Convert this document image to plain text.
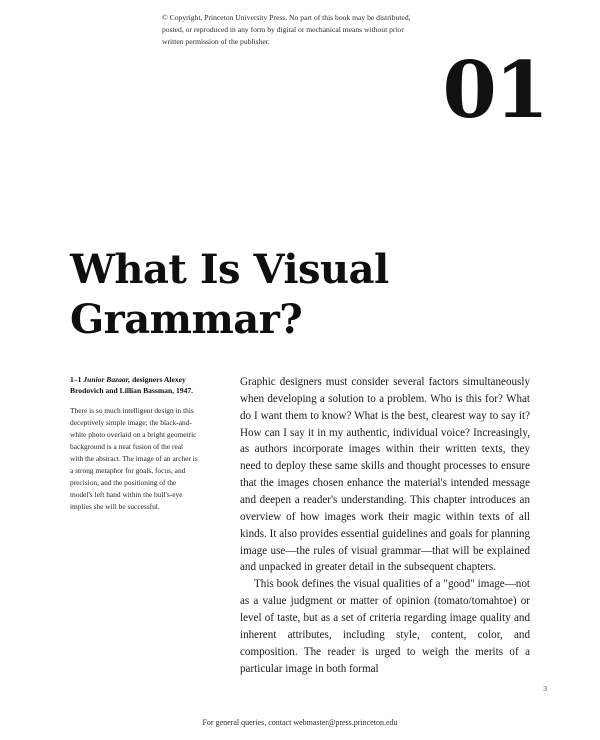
© Copyright, Princeton University Press. No part of this book may be distributed, posted, or reproduced in any form by digital or mechanical means without prior written permission of the publisher.
01
What Is Visual
Grammar?
1–1 Junior Bazaar, designers Alexey Brodovich and Lillian Bassman, 1947.
There is so much intelligent design in this deceptively simple image; the black-and-white photo overlaid on a bright geometric background is a neat fusion of the real with the abstract. The image of an archer is a strong metaphor for goals, focus, and precision, and the positioning of the model's left hand within the bull's-eye implies she will be successful.

Graphic designers must consider several factors simultaneously when developing a solution to a problem. Who is this for? What do I want them to know? What is the best, clearest way to say it? How can I say it in my authentic, individual voice? Increasingly, as authors incorporate images within their written texts, they need to deploy these same skills and thought processes to ensure that the images chosen enhance the material's intended message and deepen a reader's understanding. This chapter introduces an overview of how images work their magic within texts of all kinds. It also provides essential guidelines and goals for planning image use—the rules of visual grammar—that will be explained and unpacked in greater detail in the subsequent chapters.

This book defines the visual qualities of a "good" image—not as a value judgment or matter of opinion (tomato/tomahtoe) or level of taste, but as a set of criteria regarding image quality and inherent attributes, including style, content, color, and composition. The reader is urged to weigh the merits of a particular image in both formal

3
For general queries, contact webmaster@press.princeton.edu
